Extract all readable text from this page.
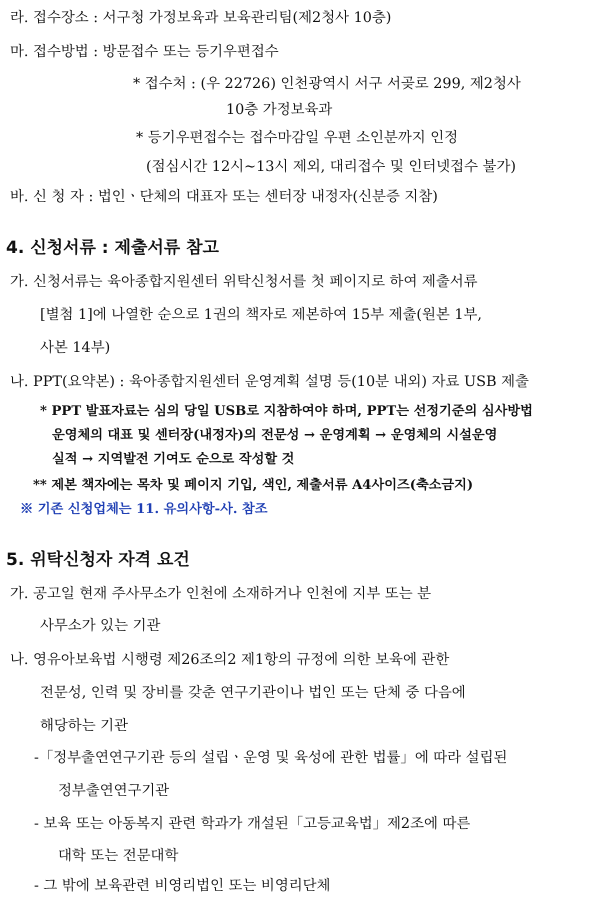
라. 접수장소 : 서구청 가정보육과 보육관리팀(제2청사 10층)
마. 접수방법 : 방문접수 또는 등기우편접수
* 접수처 : (우 22726) 인천광역시 서구 서곶로 299, 제2청사
10층 가정보육과
* 등기우편접수는 접수마감일 우편 소인분까지 인정
(점심시간 12시~13시 제외, 대리접수 및 인터넷접수 불가)
바. 신 청 자 : 법인ㆍ단체의 대표자 또는 센터장 내정자(신분증 지참)
4. 신청서류 : 제출서류 참고
가. 신청서류는 육아종합지원센터 위탁신청서를 첫 페이지로 하여 제출서류
[별첨 1]에 나열한 순으로 1권의 책자로 제본하여 15부 제출(원본 1부,
사본 14부)
나. PPT(요약본) : 육아종합지원센터 운영계획 설명 등(10분 내외) 자료 USB 제출
* PPT 발표자료는 심의 당일 USB로 지참하여야 하며, PPT는 선정기준의 심사방법
운영체의 대표 및 센터장(내정자)의 전문성 → 운영계획 → 운영체의 시설운영
실적 → 지역발전 기여도 순으로 작성할 것
** 제본 책자에는 목차 및 페이지 기입, 색인, 제출서류 A4사이즈(축소금지)
※ 기존 신청업체는 11. 유의사항-사. 참조
5. 위탁신청자 자격 요건
가. 공고일 현재 주사무소가 인천에 소재하거나 인천에 지부 또는 분
사무소가 있는 기관
나. 영유아보육법 시행령 제26조의2 제1항의 규정에 의한 보육에 관한
전문성, 인력 및 장비를 갖춘 연구기관이나 법인 또는 단체 중 다음에
해당하는 기관
-「정부출연연구기관 등의 설립ㆍ운영 및 육성에 관한 법률」에 따라 설립된
정부출연연구기관
- 보육 또는 아동복지 관련 학과가 개설된「고등교육법」제2조에 따른
대학 또는 전문대학
- 그 밖에 보육관련 비영리법인 또는 비영리단체
